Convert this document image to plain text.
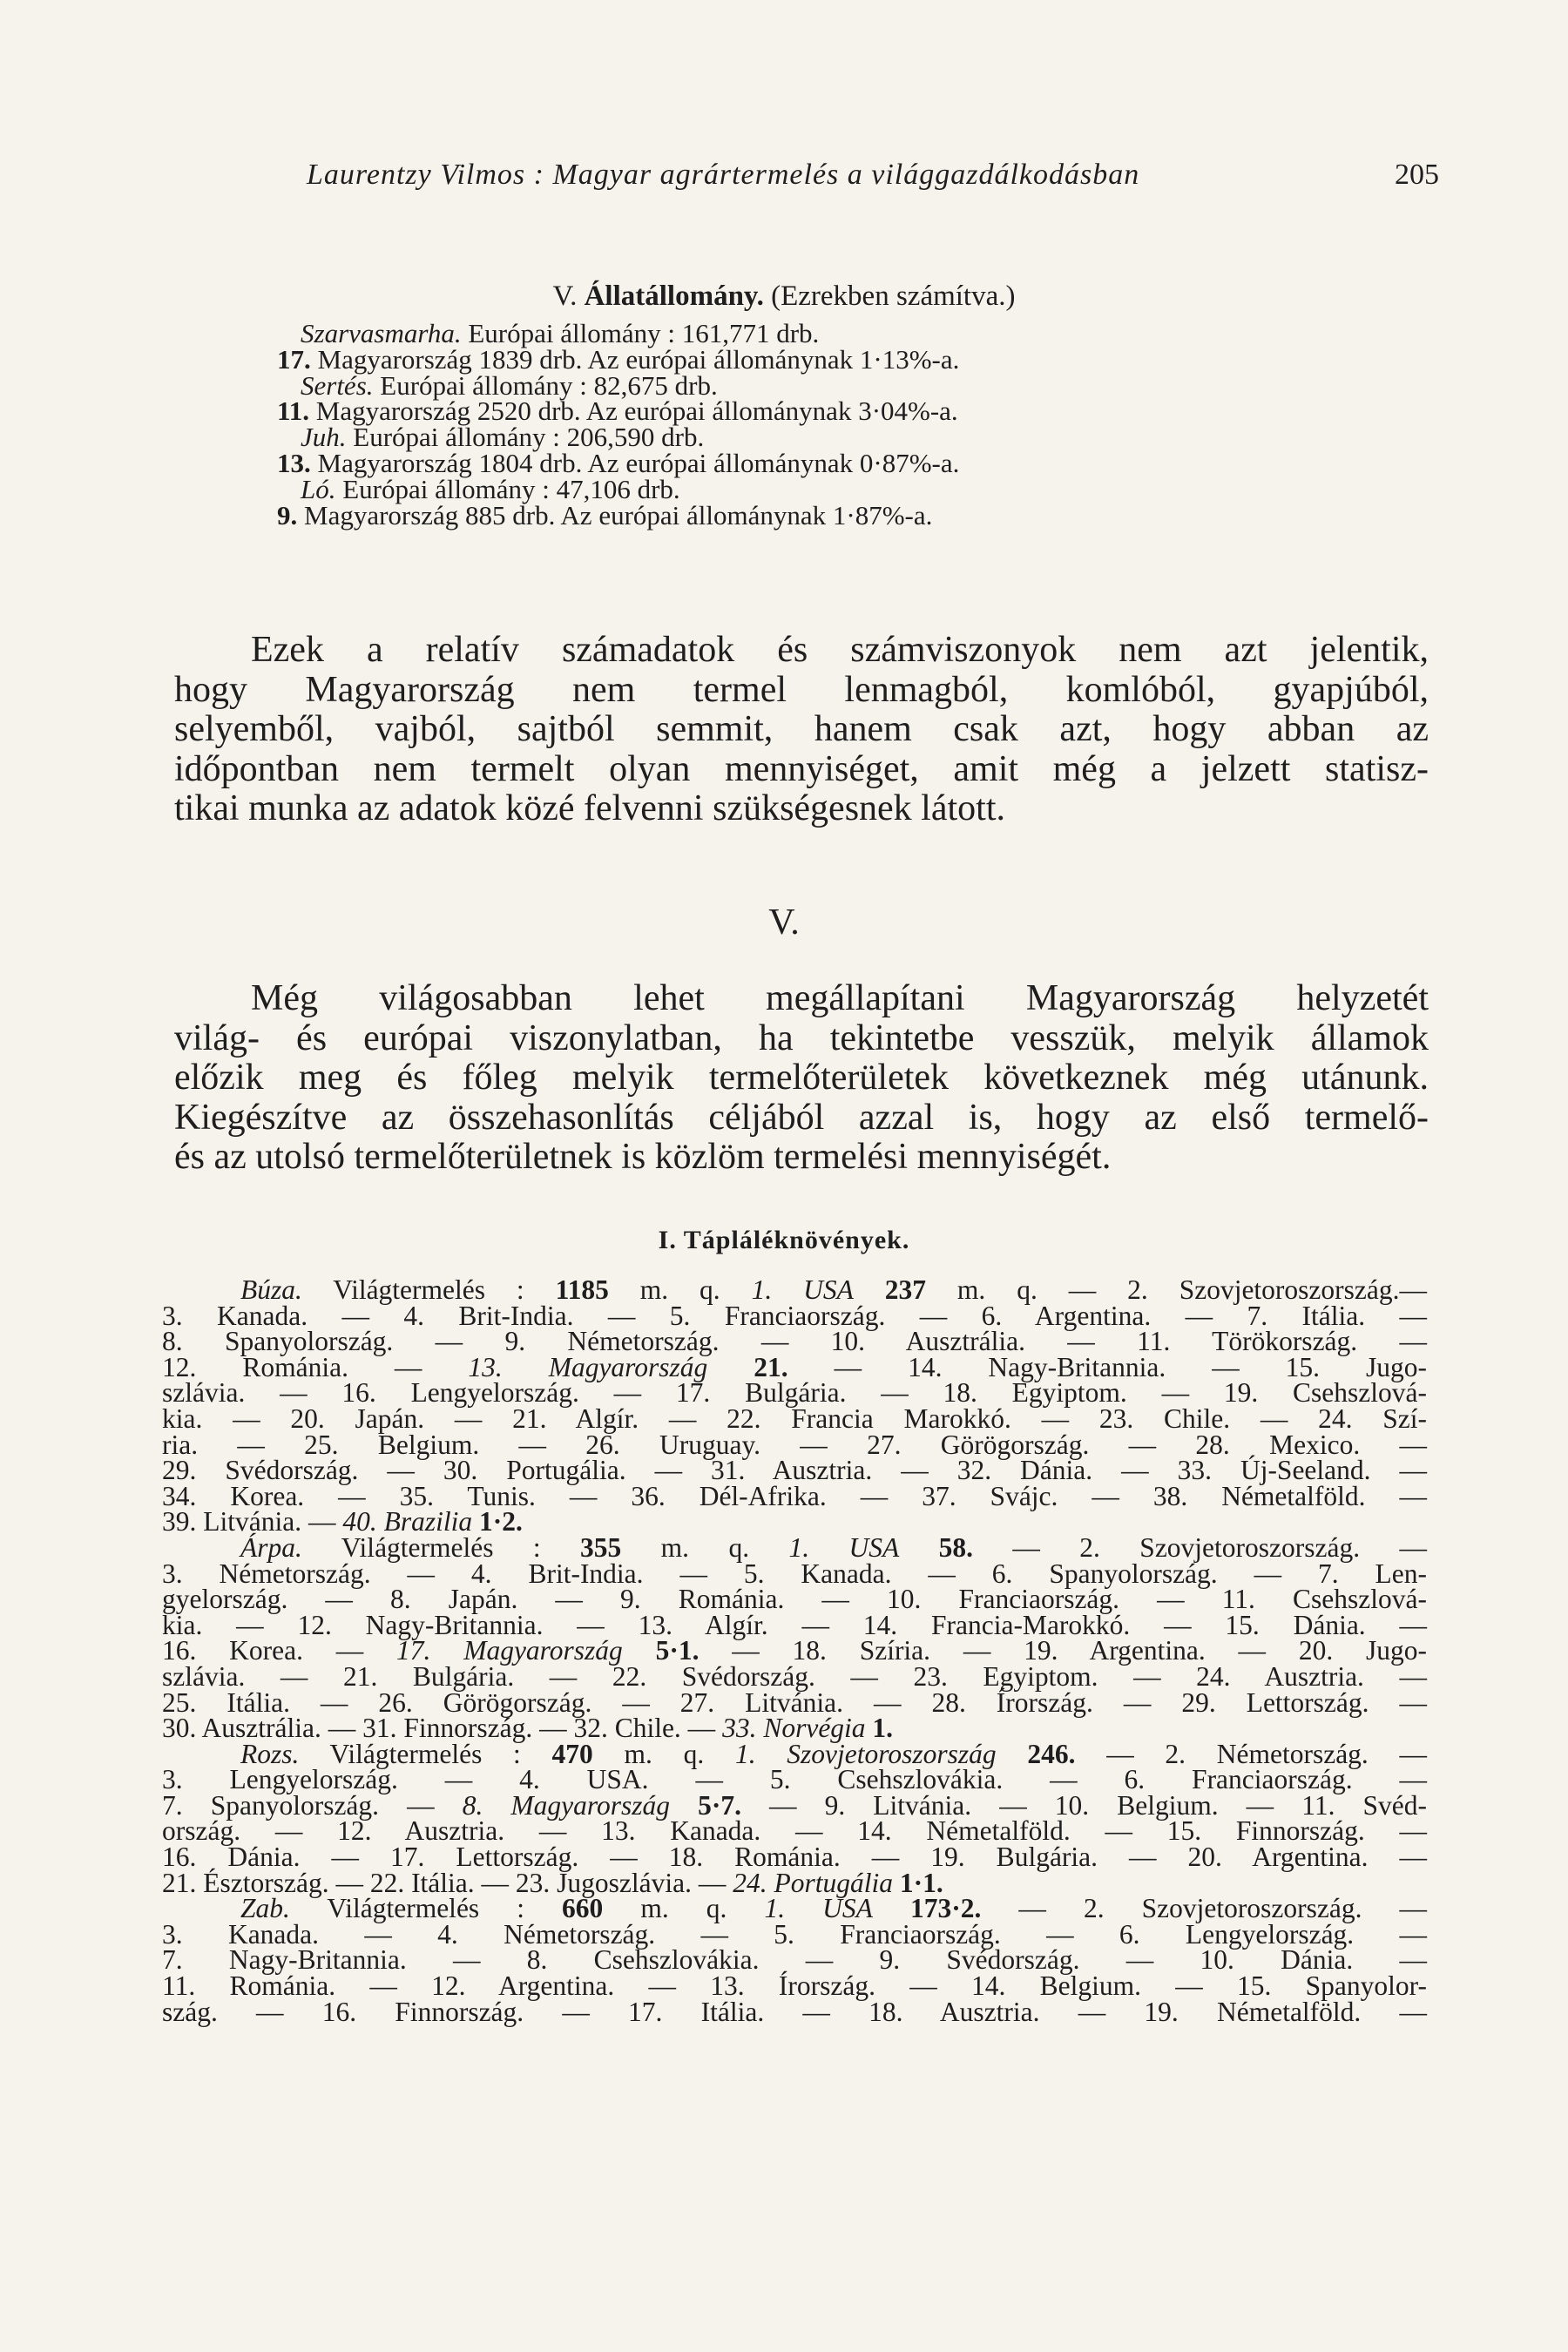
Laurentzy Vilmos : Magyar agrártermelés a világgazdálkodásban	205
V. Állatállomány. (Ezrekben számítva.)
Szarvasmarha. Európai állomány : 161,771 drb.
17. Magyarország 1839 drb. Az európai állománynak 1·13%-a.
Sertés. Európai állomány : 82,675 drb.
11. Magyarország 2520 drb. Az európai állománynak 3·04%-a.
Juh. Európai állomány : 206,590 drb.
13. Magyarország 1804 drb. Az európai állománynak 0·87%-a.
Ló. Európai állomány : 47,106 drb.
9. Magyarország 885 drb. Az európai állománynak 1·87%-a.
Ezek a relatív számadatok és számviszonyok nem azt jelentik,
hogy Magyarország nem termel lenmagból, komlóból, gyapjúból,
selyemből, vajból, sajtból semmit, hanem csak azt, hogy abban az
időpontban nem termelt olyan mennyiséget, amit még a jelzett statisz-
tikai munka az adatok közé felvenni szükségesnek látott.
V.
Még világosabban lehet megállapítani Magyarország helyzetét
világ- és európai viszonylatban, ha tekintetbe vesszük, melyik államok
előzik meg és főleg melyik termelőterületek következnek még utánunk.
Kiegészítve az összehasonlítás céljából azzal is, hogy az első termelő-
és az utolsó termelőterületnek is közlöm termelési mennyiségét.
I. Tápláléknövények.
Búza. Világtermelés : 1185 m. q. 1. USA 237 m. q. — 2. Szovjetoroszország.—
3. Kanada. — 4. Brit-India. — 5. Franciaország. — 6. Argentina. — 7. Itália. —
8. Spanyolország. — 9. Németország. — 10. Ausztrália. — 11. Törökország. —
12. Románia. — 13. Magyarország 21. — 14. Nagy-Britannia. — 15. Jugo-
szlávia. — 16. Lengyelország. — 17. Bulgária. — 18. Egyiptom. — 19. Csehszlová-
kia. — 20. Japán. — 21. Algír. — 22. Francia Marokkó. — 23. Chile. — 24. Szí-
ria. — 25. Belgium. — 26. Uruguay. — 27. Görögország. — 28. Mexico. —
29. Svédország. — 30. Portugália. — 31. Ausztria. — 32. Dánia. — 33. Új-Seeland. —
34. Korea. — 35. Tunis. — 36. Dél-Afrika. — 37. Svájc. — 38. Németalföld. —
39. Litvánia. — 40. Brazilia 1·2.
Árpa. Világtermelés : 355 m. q. 1. USA 58. — 2. Szovjetoroszország. —
3. Németország. — 4. Brit-India. — 5. Kanada. — 6. Spanyolország. — 7. Len-
gyelország. — 8. Japán. — 9. Románia. — 10. Franciaország. — 11. Csehszlová-
kia. — 12. Nagy-Britannia. — 13. Algír. — 14. Francia-Marokkó. — 15. Dánia. —
16. Korea. — 17. Magyarország 5·1. — 18. Szíria. — 19. Argentina. — 20. Jugo-
szlávia. — 21. Bulgária. — 22. Svédország. — 23. Egyiptom. — 24. Ausztria. —
25. Itália. — 26. Görögország. — 27. Litvánia. — 28. Írország. — 29. Lettország. —
30. Ausztrália. — 31. Finnország. — 32. Chile. — 33. Norvégia 1.
Rozs. Világtermelés : 470 m. q. 1. Szovjetoroszország 246. — 2. Németország. —
3. Lengyelország. — 4. USA. — 5. Csehszlovákia. — 6. Franciaország. —
7. Spanyolország. — 8. Magyarország 5·7. — 9. Litvánia. — 10. Belgium. — 11. Svéd-
ország. — 12. Ausztria. — 13. Kanada. — 14. Németalföld. — 15. Finnország. —
16. Dánia. — 17. Lettország. — 18. Románia. — 19. Bulgária. — 20. Argentina. —
21. Észtország. — 22. Itália. — 23. Jugoszlávia. — 24. Portugália 1·1.
Zab. Világtermelés : 660 m. q. 1. USA 173·2. — 2. Szovjetoroszország. —
3. Kanada. — 4. Németország. — 5. Franciaország. — 6. Lengyelország. —
7. Nagy-Britannia. — 8. Csehszlovákia. — 9. Svédország. — 10. Dánia. —
11. Románia. — 12. Argentina. — 13. Írország. — 14. Belgium. — 15. Spanyolor-
szág. — 16. Finnország. — 17. Itália. — 18. Ausztria. — 19. Németalföld. —
